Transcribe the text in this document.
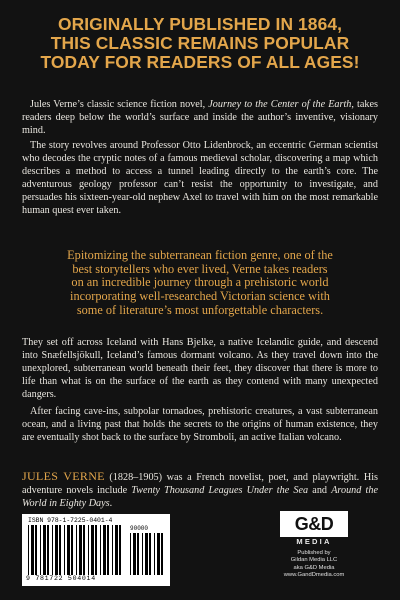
ORIGINALLY PUBLISHED IN 1864,
THIS CLASSIC REMAINS POPULAR
TODAY FOR READERS OF ALL AGES!
Jules Verne’s classic science fiction novel, Journey to the Center of the Earth, takes readers deep below the world’s surface and inside the author’s inventive, visionary mind.
The story revolves around Professor Otto Lidenbrock, an eccentric German scientist who decodes the cryptic notes of a famous medieval scholar, discovering a map which describes a method to access a tunnel leading directly to the earth’s core. The adventurous geology professor can’t resist the opportunity to investigate, and persuades his sixteen-year-old nephew Axel to travel with him on the most remarkable human quest ever taken.
Epitomizing the subterranean fiction genre, one of the
best storytellers who ever lived, Verne takes readers
on an incredible journey through a prehistoric world
incorporating well-researched Victorian science with
some of literature’s most unforgettable characters.
They set off across Iceland with Hans Bjelke, a native Icelandic guide, and descend into Snæfellsjökull, Iceland’s famous dormant volcano. As they travel down into the unexplored, subterranean world beneath their feet, they discover that there is more to life than what is on the surface of the earth as they contend with many unexpected dangers.
After facing cave-ins, subpolar tornadoes, prehistoric creatures, a vast subterranean ocean, and a living past that holds the secrets to the origins of human existence, they are eventually shot back to the surface by Stromboli, an active Italian volcano.
JULES VERNE (1828–1905) was a French novelist, poet, and playwright. His adventure novels include Twenty Thousand Leagues Under the Sea and Around the World in Eighty Days.
ISBN 978-1-7225-0401-4
90000
9 781722 504014
G&D
MEDIA
Published by
Gildan Media LLC
aka G&D Media
www.GandDmedia.com
